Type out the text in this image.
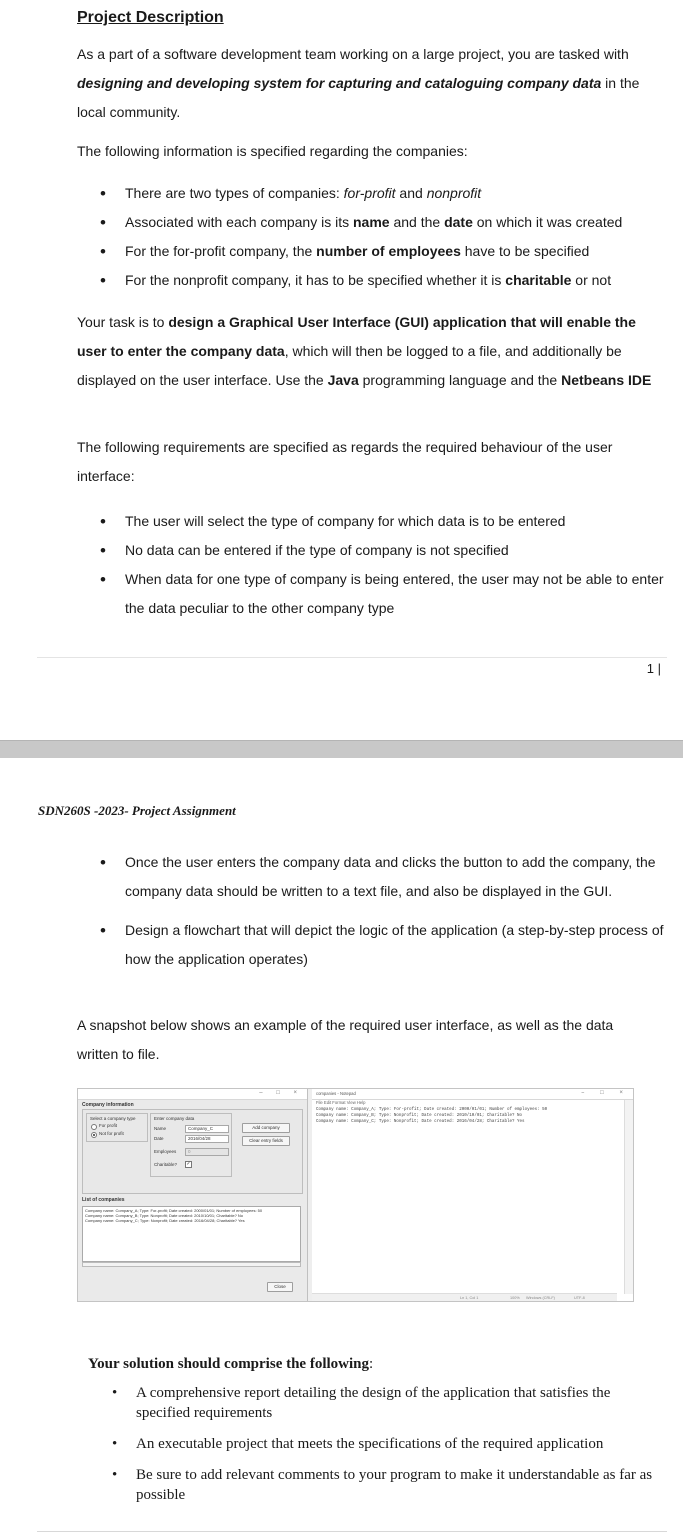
Project Description
As a part of a software development team working on a large project, you are tasked with designing and developing system for capturing and cataloguing company data in the local community.
The following information is specified regarding the companies:
• There are two types of companies: for-profit and nonprofit
• Associated with each company is its name and the date on which it was created
• For the for-profit company, the number of employees have to be specified
• For the nonprofit company, it has to be specified whether it is charitable or not
Your task is to design a Graphical User Interface (GUI) application that will enable the user to enter the company data, which will then be logged to a file, and additionally be displayed on the user interface. Use the Java programming language and the Netbeans IDE
The following requirements are specified as regards the required behaviour of the user interface:
• The user will select the type of company for which data is to be entered
• No data can be entered if the type of company is not specified
• When data for one type of company is being entered, the user may not be able to enter the data peculiar to the other company type
1 |
SDN260S -2023- Project Assignment
• Once the user enters the company data and clicks the button to add the company, the company data should be written to a text file, and also be displayed in the GUI.
• Design a flowchart that will depict the logic of the application (a step-by-step process of how the application operates)
A snapshot below shows an example of the required user interface, as well as the data written to file.
– □ ×
Company information
Select a company type
For profit
Not for profit
Enter company data
Name	Company_C
Date	2016/04/28
Employees	0
Charitable? ✓
Add company
Clear entry fields
List of companies
Company name: Company_A; Type: For-profit; Date created: 2000/01/01; Number of employees: 50
Company name: Company_B; Type: Nonprofit; Date created: 2010/10/01; Charitable? No
Company name: Company_C; Type: Nonprofit; Date created: 2016/04/28; Charitable? Yes
Close
companies - Notepad	– □ ×
File Edit Format View Help
Company name: Company_A; Type: For-profit; Date created: 2000/01/01; Number of employees: 50
Company name: Company_B; Type: Nonprofit; Date created: 2010/10/01; Charitable? No
Company name: Company_C; Type: Nonprofit; Date created: 2016/04/28; Charitable? Yes
Ln 1, Col 1	100% Windows (CRLF)	UTF-8
Your solution should comprise the following:
• A comprehensive report detailing the design of the application that satisfies the specified requirements
• An executable project that meets the specifications of the required application
• Be sure to add relevant comments to your program to make it understandable as far as possible
